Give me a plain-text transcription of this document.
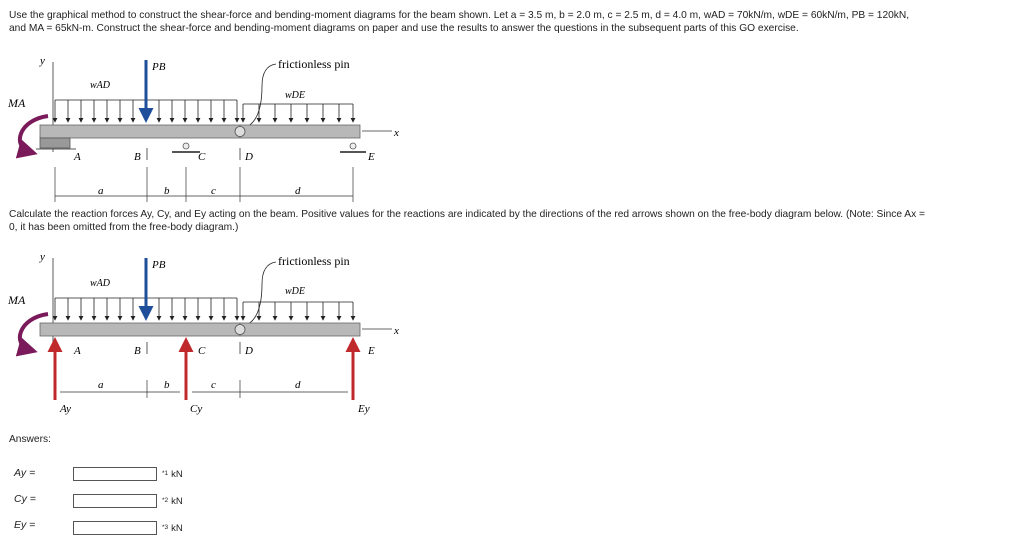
Use the graphical method to construct the shear-force and bending-moment diagrams for the beam shown. Let a = 3.5 m, b = 2.0 m, c = 2.5 m, d = 4.0 m, wAD = 70kN/m, wDE = 60kN/m, PB = 120kN,
and MA = 65kN-m. Construct the shear-force and bending-moment diagrams on paper and use the results to answer the questions in the subsequent parts of this GO exercise.
y
x
wAD
wDE
PB	frictionless pin
MA
A	B	C	D	E
a	b	c	d
Calculate the reaction forces Ay, Cy, and Ey acting on the beam. Positive values for the reactions are indicated by the directions of the red arrows shown on the free-body diagram below. (Note: Since Ax =
0, it has been omitted from the free-body diagram.)
y
x
wAD
wDE
PB	frictionless pin
MA
Ay	Cy	Ey
A	B	C	D	E
a	b	c	d
Answers:
Ay =	$^{*1}$ kN
Cy =	$^{*2}$ kN
Ey =	$^{*3}$ kN
